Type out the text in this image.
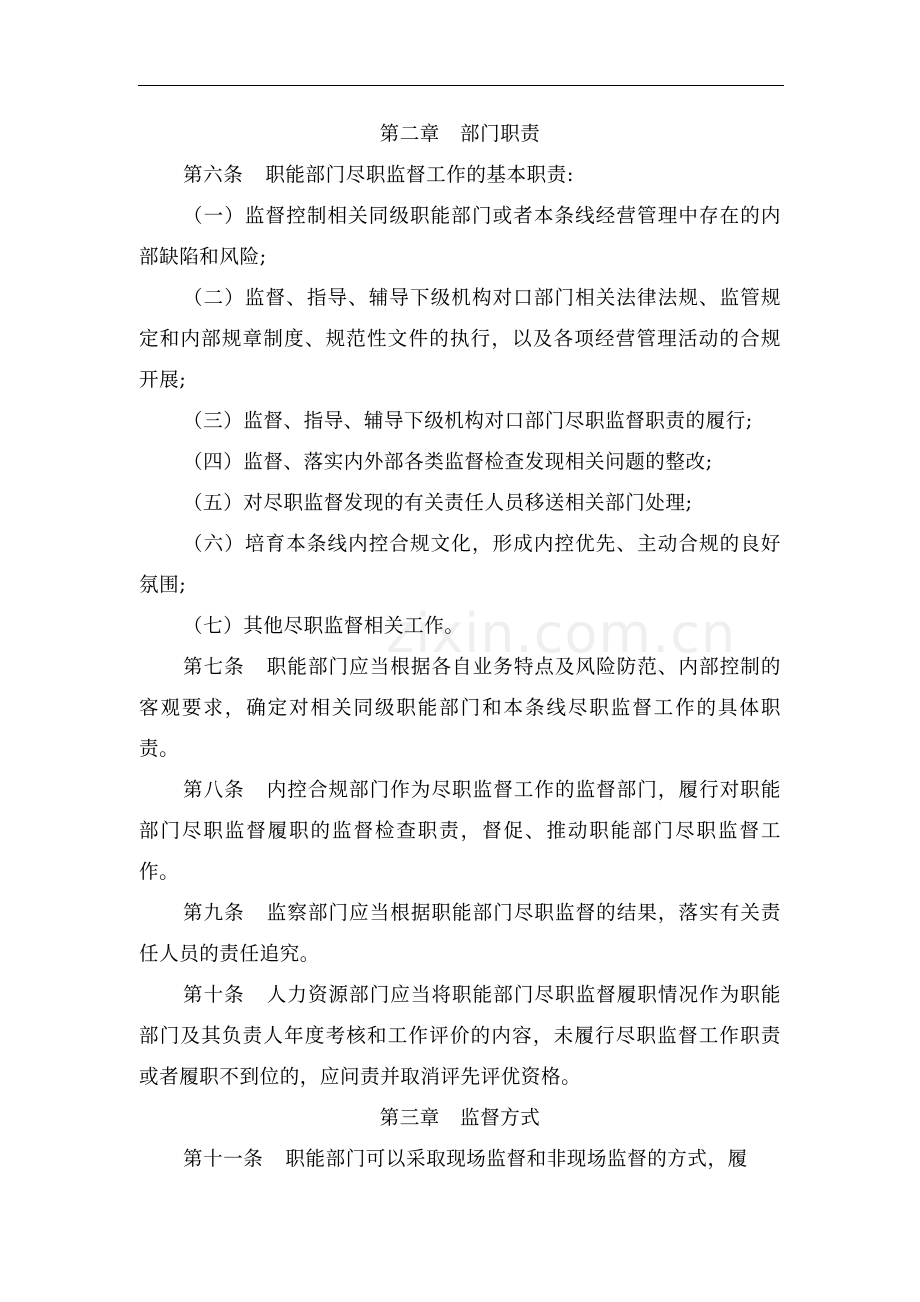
zixin.com.cn

第二章　部门职责

第六条 职能部门尽职监督工作的基本职责:

（一）监督控制相关同级职能部门或者本条线经营管理中存在的内部缺陷和风险;

（二）监督、指导、辅导下级机构对口部门相关法律法规、监管规定和内部规章制度、规范性文件的执行，以及各项经营管理活动的合规开展;

（三）监督、指导、辅导下级机构对口部门尽职监督职责的履行;

（四）监督、落实内外部各类监督检查发现相关问题的整改;

（五）对尽职监督发现的有关责任人员移送相关部门处理;

（六）培育本条线内控合规文化，形成内控优先、主动合规的良好氛围;

（七）其他尽职监督相关工作。

第七条 职能部门应当根据各自业务特点及风险防范、内部控制的客观要求，确定对相关同级职能部门和本条线尽职监督工作的具体职责。

第八条 内控合规部门作为尽职监督工作的监督部门，履行对职能部门尽职监督履职的监督检查职责，督促、推动职能部门尽职监督工作。

第九条 监察部门应当根据职能部门尽职监督的结果，落实有关责任人员的责任追究。

第十条 人力资源部门应当将职能部门尽职监督履职情况作为职能部门及其负责人年度考核和工作评价的内容，未履行尽职监督工作职责或者履职不到位的，应问责并取消评先评优资格。

第三章　监督方式

第十一条 职能部门可以采取现场监督和非现场监督的方式，履
